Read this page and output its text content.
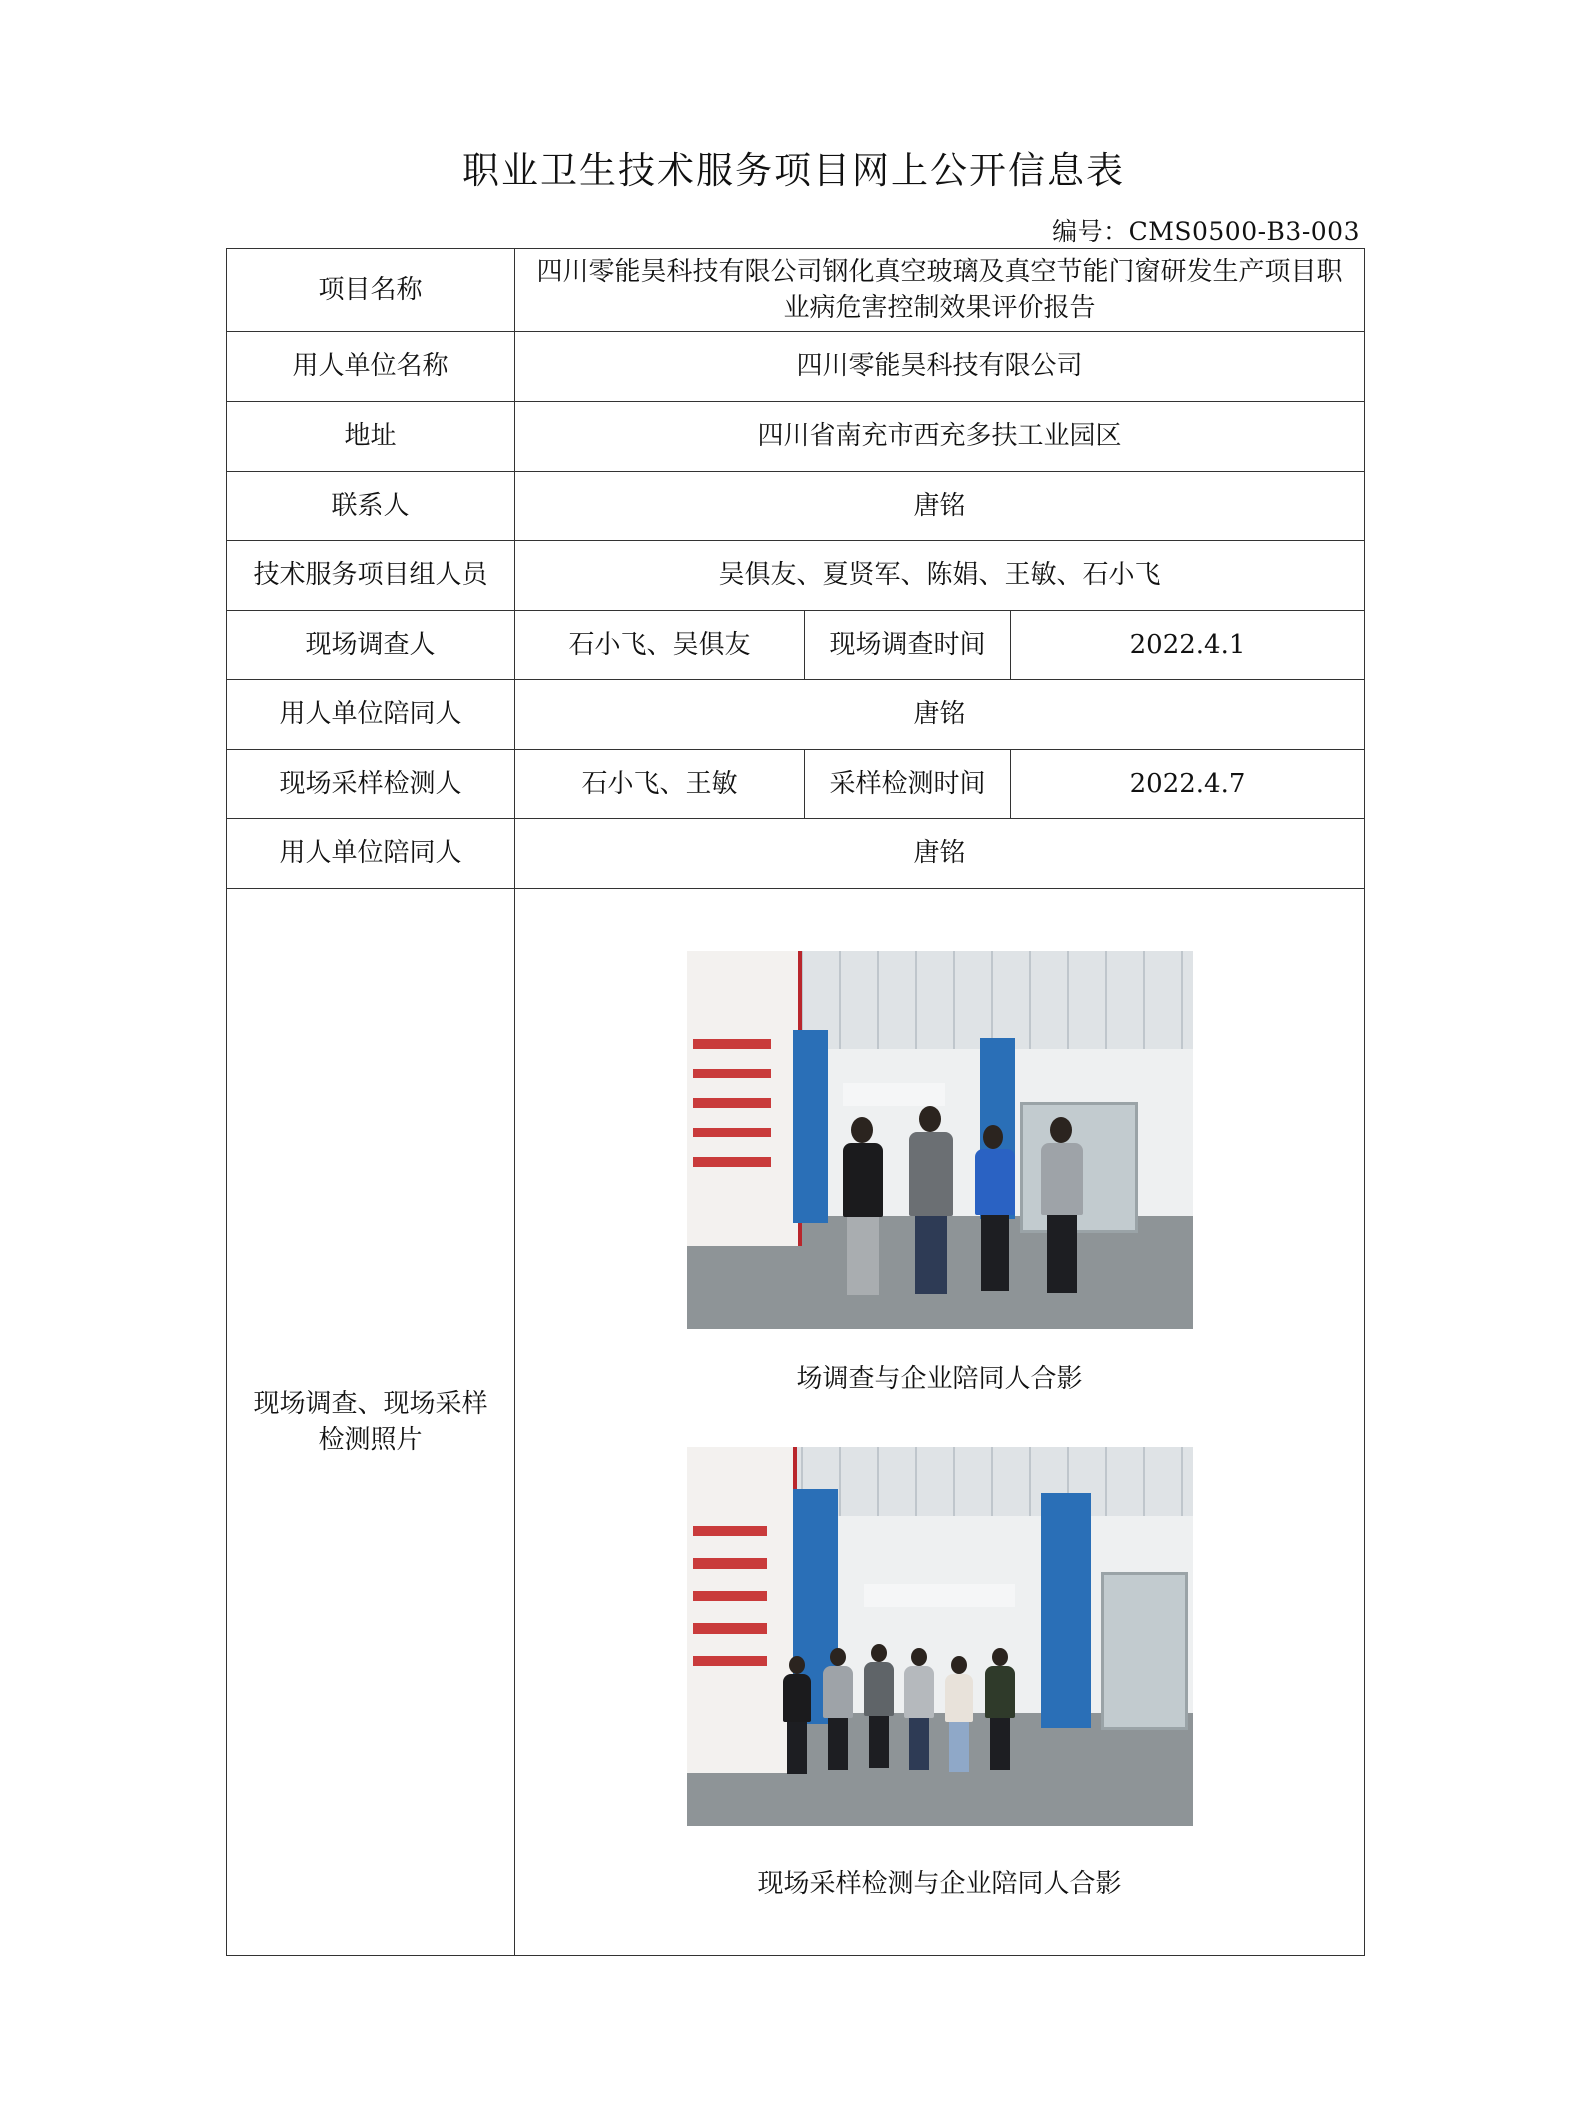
职业卫生技术服务项目网上公开信息表
编号：CMS0500-B3-003
项目名称	四川零能昊科技有限公司钢化真空玻璃及真空节能门窗研发生产项目职业病危害控制效果评价报告		
用人单位名称	四川零能昊科技有限公司		
地址	四川省南充市西充多扶工业园区		
联系人	唐铭		
技术服务项目组人员	吴俱友、夏贤军、陈娟、王敏、石小飞		
现场调查人	石小飞、吴俱友	现场调查时间	2022.4.1
用人单位陪同人	唐铭		
现场采样检测人	石小飞、王敏	采样检测时间	2022.4.7
用人单位陪同人	唐铭		
现场调查、现场采样检测照片	场调查与企业陪同人合影
现场采样检测与企业陪同人合影		
